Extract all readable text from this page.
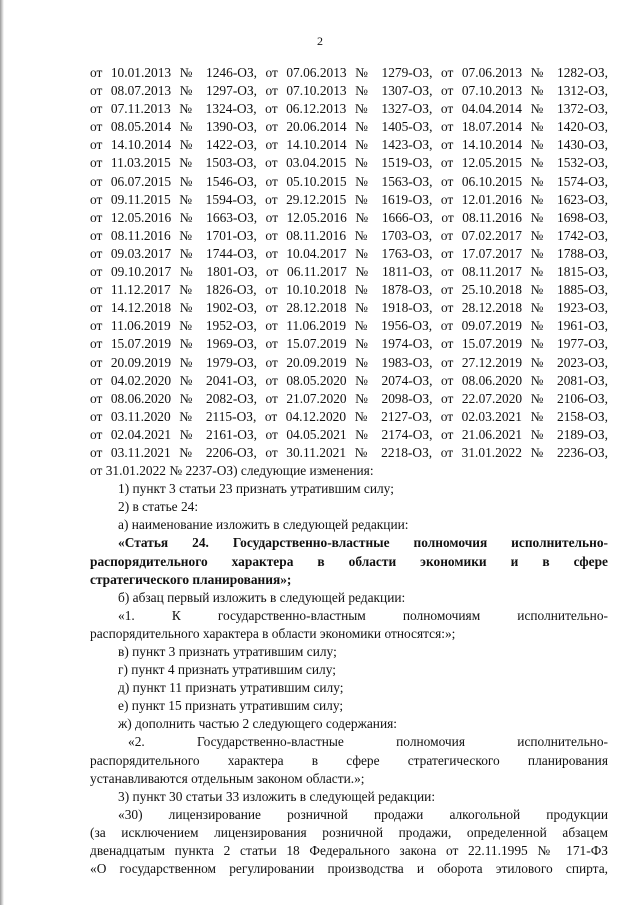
2
от 10.01.2013 № 1246-ОЗ, от 07.06.2013 № 1279-ОЗ, от 07.06.2013 № 1282-ОЗ,
от 08.07.2013 № 1297-ОЗ, от 07.10.2013 № 1307-ОЗ, от 07.10.2013 № 1312-ОЗ,
от 07.11.2013 № 1324-ОЗ, от 06.12.2013 № 1327-ОЗ, от 04.04.2014 № 1372-ОЗ,
от 08.05.2014 № 1390-ОЗ, от 20.06.2014 № 1405-ОЗ, от 18.07.2014 № 1420-ОЗ,
от 14.10.2014 № 1422-ОЗ, от 14.10.2014 № 1423-ОЗ, от 14.10.2014 № 1430-ОЗ,
от 11.03.2015 № 1503-ОЗ, от 03.04.2015 № 1519-ОЗ, от 12.05.2015 № 1532-ОЗ,
от 06.07.2015 № 1546-ОЗ, от 05.10.2015 № 1563-ОЗ, от 06.10.2015 № 1574-ОЗ,
от 09.11.2015 № 1594-ОЗ, от 29.12.2015 № 1619-ОЗ, от 12.01.2016 № 1623-ОЗ,
от 12.05.2016 № 1663-ОЗ, от 12.05.2016 № 1666-ОЗ, от 08.11.2016 № 1698-ОЗ,
от 08.11.2016 № 1701-ОЗ, от 08.11.2016 № 1703-ОЗ, от 07.02.2017 № 1742-ОЗ,
от 09.03.2017 № 1744-ОЗ, от 10.04.2017 № 1763-ОЗ, от 17.07.2017 № 1788-ОЗ,
от 09.10.2017 № 1801-ОЗ, от 06.11.2017 № 1811-ОЗ, от 08.11.2017 № 1815-ОЗ,
от 11.12.2017 № 1826-ОЗ, от 10.10.2018 № 1878-ОЗ, от 25.10.2018 № 1885-ОЗ,
от 14.12.2018 № 1902-ОЗ, от 28.12.2018 № 1918-ОЗ, от 28.12.2018 № 1923-ОЗ,
от 11.06.2019 № 1952-ОЗ, от 11.06.2019 № 1956-ОЗ, от 09.07.2019 № 1961-ОЗ,
от 15.07.2019 № 1969-ОЗ, от 15.07.2019 № 1974-ОЗ, от 15.07.2019 № 1977-ОЗ,
от 20.09.2019 № 1979-ОЗ, от 20.09.2019 № 1983-ОЗ, от 27.12.2019 № 2023-ОЗ,
от 04.02.2020 № 2041-ОЗ, от 08.05.2020 № 2074-ОЗ, от 08.06.2020 № 2081-ОЗ,
от 08.06.2020 № 2082-ОЗ, от 21.07.2020 № 2098-ОЗ, от 22.07.2020 № 2106-ОЗ,
от 03.11.2020 № 2115-ОЗ, от 04.12.2020 № 2127-ОЗ, от 02.03.2021 № 2158-ОЗ,
от 02.04.2021 № 2161-ОЗ, от 04.05.2021 № 2174-ОЗ, от 21.06.2021 № 2189-ОЗ,
от 03.11.2021 № 2206-ОЗ, от 30.11.2021 № 2218-ОЗ, от 31.01.2022 № 2236-ОЗ,
от 31.01.2022 № 2237-ОЗ) следующие изменения:
1) пункт 3 статьи 23 признать утратившим силу;
2) в статье 24:
а) наименование изложить в следующей редакции:
«Статья 24. Государственно-властные полномочия исполнительно-
распорядительного характера в области экономики и в сфере
стратегического планирования»;
б) абзац первый изложить в следующей редакции:
«1. К государственно-властным полномочиям исполнительно-
распорядительного характера в области экономики относятся:»;
в) пункт 3 признать утратившим силу;
г) пункт 4 признать утратившим силу;
д) пункт 11 признать утратившим силу;
е) пункт 15 признать утратившим силу;
ж) дополнить частью 2 следующего содержания:
«2. Государственно-властные полномочия исполнительно-
распорядительного характера в сфере стратегического планирования
устанавливаются отдельным законом области.»;
3) пункт 30 статьи 33 изложить в следующей редакции:
«30) лицензирование розничной продажи алкогольной продукции
(за исключением лицензирования розничной продажи, определенной абзацем
двенадцатым пункта 2 статьи 18 Федерального закона от 22.11.1995 № 171-ФЗ
«О государственном регулировании производства и оборота этилового спирта,
